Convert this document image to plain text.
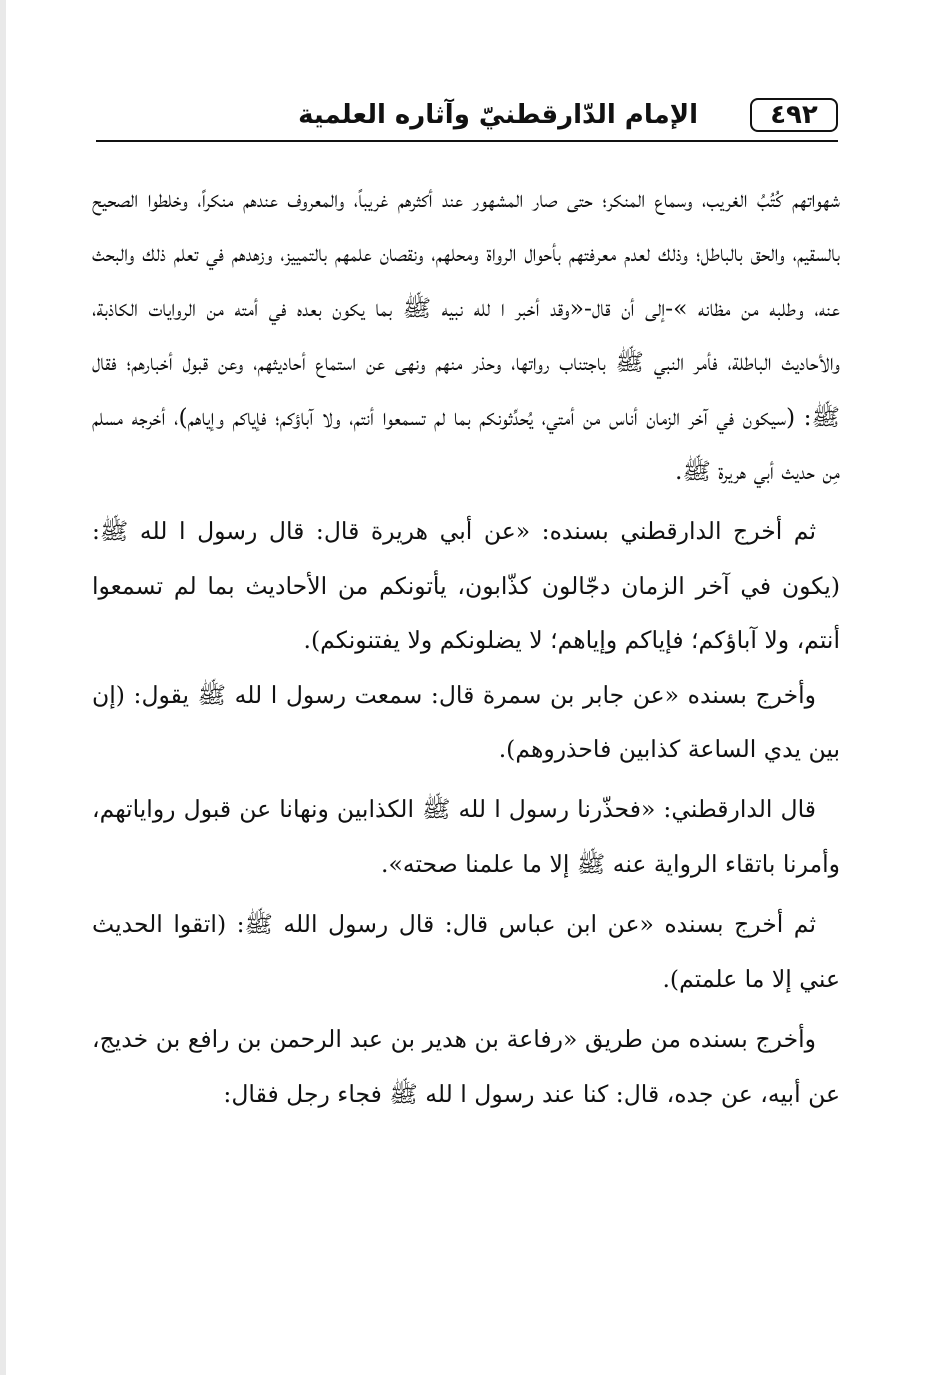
الإمام الدّارقطنيّ وآثاره العلمية	٤٩٢

شهواتهم كُتُبُ الغريب، وسماع المنكر؛ حتى صار المشهور عند أكثرهم غريباً، والمعروف عندهم منكراً، وخلطوا الصحيح بالسقيم، والحق بالباطل؛ وذلك لعدم معرفتهم بأحوال الرواة ومحلهم، ونقصان علمهم بالتمييز، وزهدهم في تعلم ذلك والبحث عنه، وطلبه من مظانه »-إلى أن قال-«وقد أخبر ا لله نبيه ﷺ بما يكون بعده في أمته من الروايات الكاذبة، والأحاديث الباطلة، فأمر النبي ﷺ باجتناب رواتها، وحذر منهم ونهى عن استماع أحاديثهم، وعن قبول أخبارهم؛ فقال ﷺ: (سيكون في آخر الزمان أناس من أمتي، يُحدِّثونكم بما لم تسمعوا أنتم، ولا آباؤكم؛ فإياكم وإياهم)، أخرجه مسلم مِن حديث أبي هريرة ﷺ.

ثم أخرج الدارقطني بسنده: «عن أبي هريرة قال: قال رسول ا لله ﷺ: (يكون في آخر الزمان دجّالون كذّابون، يأتونكم من الأحاديث بما لم تسمعوا أنتم، ولا آباؤكم؛ فإياكم وإياهم؛ لا يضلونكم ولا يفتنونكم).

وأخرج بسنده «عن جابر بن سمرة قال: سمعت رسول ا لله ﷺ يقول: (إن بين يدي الساعة كذابين فاحذروهم).

قال الدارقطني: «فحذّرنا رسول ا لله ﷺ الكذابين ونهانا عن قبول رواياتهم، وأمرنا باتقاء الرواية عنه ﷺ إلا ما علمنا صحته».

ثم أخرج بسنده «عن ابن عباس قال: قال رسول الله ﷺ: (اتقوا الحديث عني إلا ما علمتم).

وأخرج بسنده من طريق «رفاعة بن هدير بن عبد الرحمن بن رافع بن خديج، عن أبيه، عن جده، قال: كنا عند رسول ا لله ﷺ فجاء رجل فقال:
